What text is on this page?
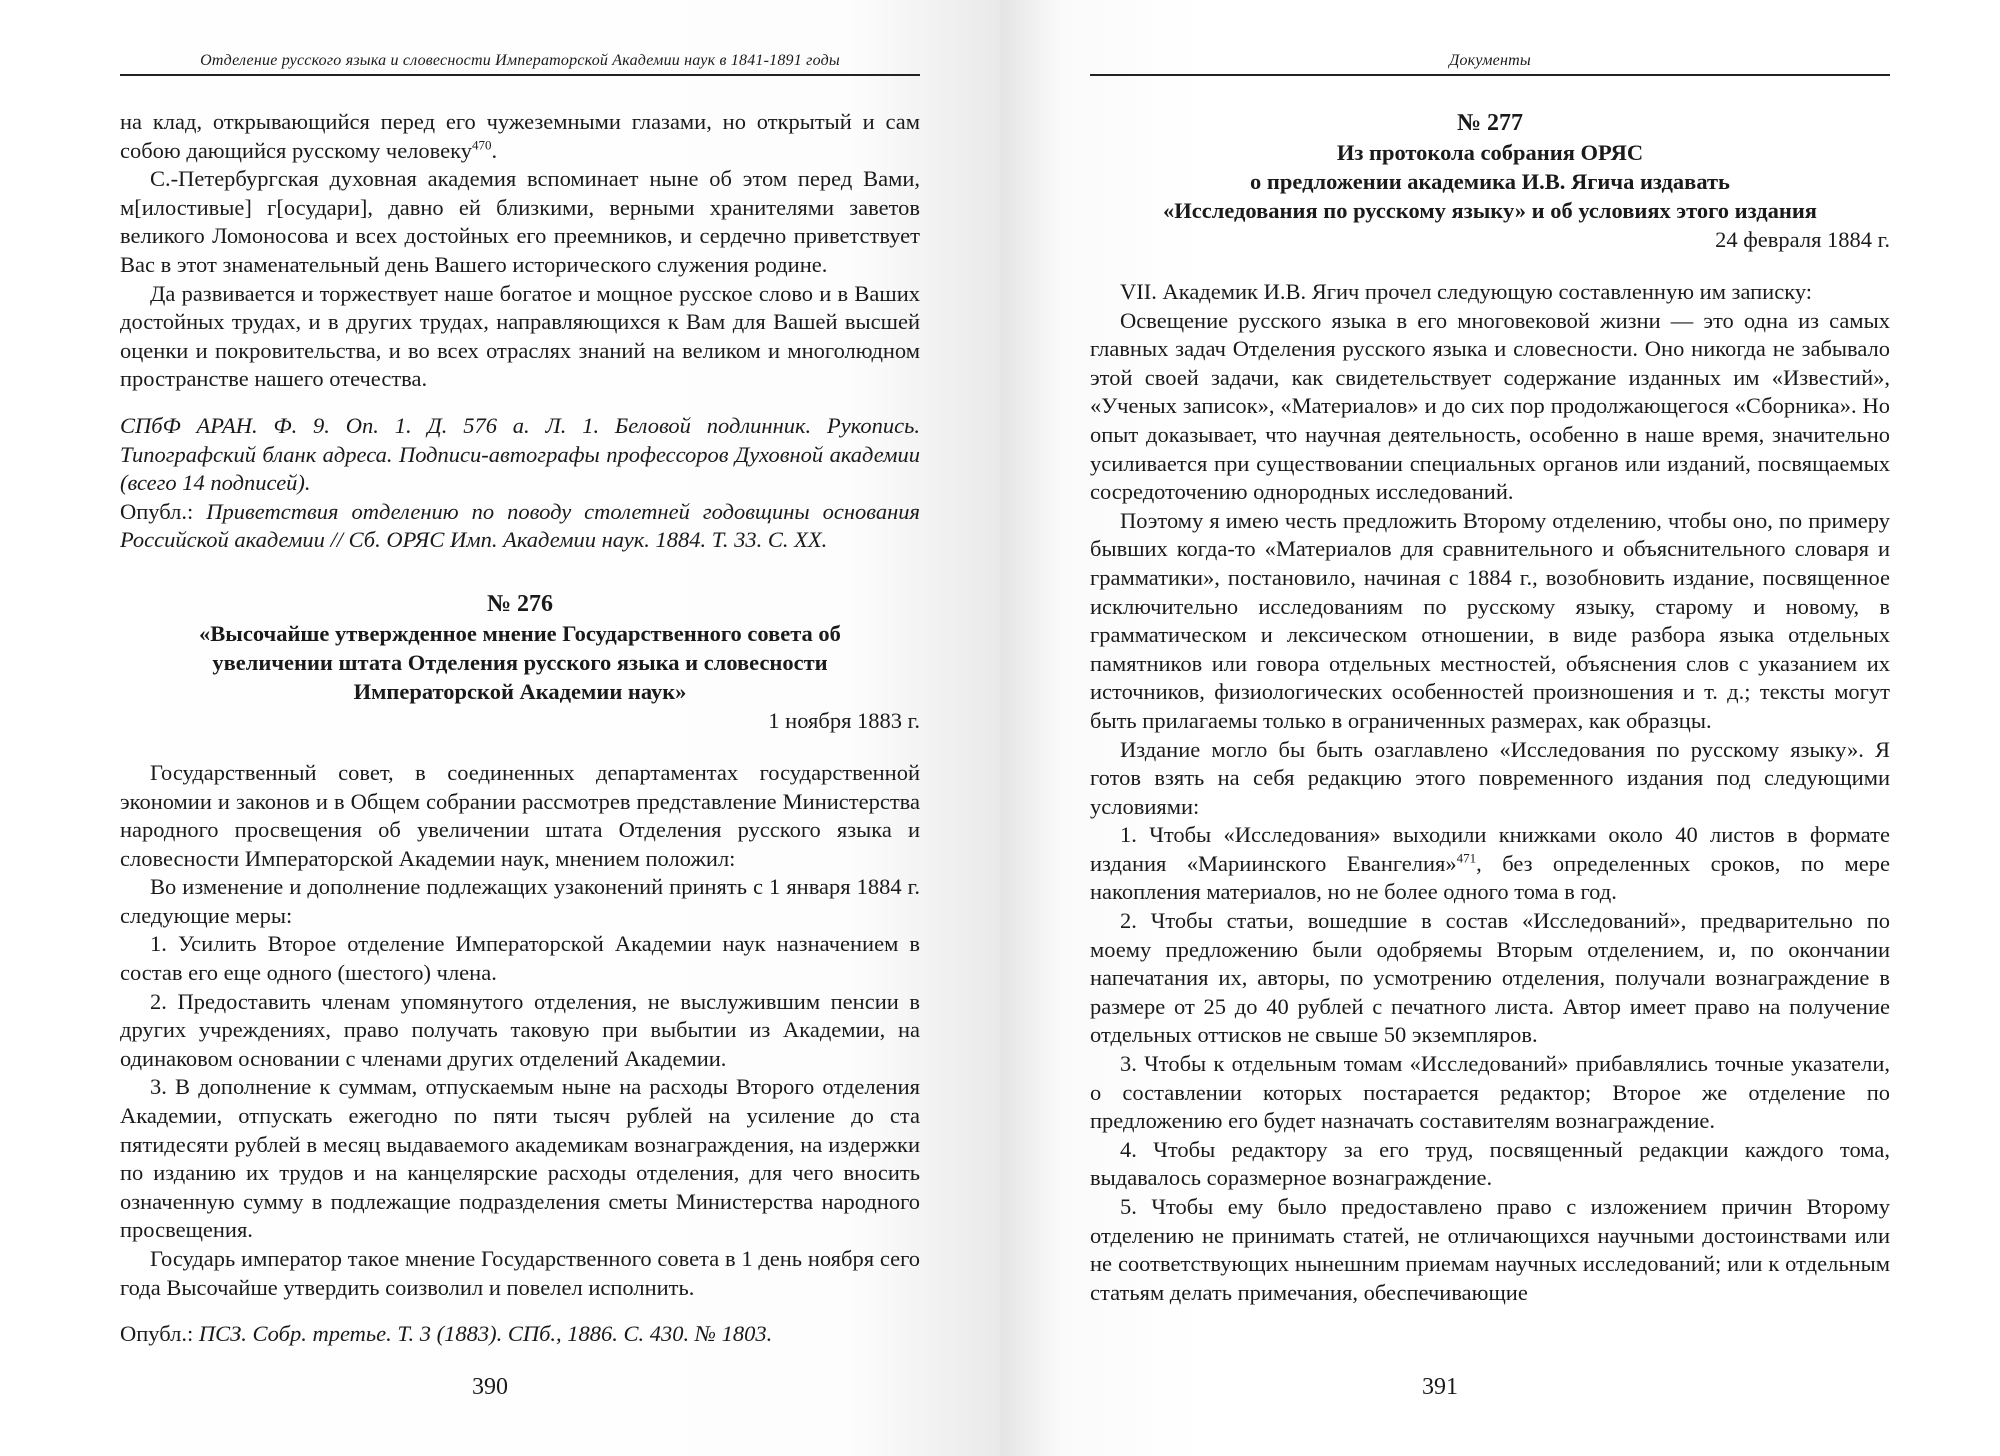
Отделение русского языка и словесности Императорской Академии наук в 1841-1891 годы

на клад, открывающийся перед его чужеземными глазами, но открытый и сам собою дающийся русскому человеку$^{470}$.

С.-Петербургская духовная академия вспоминает ныне об этом перед Вами, м[илостивые] г[осудари], давно ей близкими, верными хранителями заветов великого Ломоносова и всех достойных его преемников, и сердечно приветствует Вас в этот знаменательный день Вашего исторического служения родине.

Да развивается и торжествует наше богатое и мощное русское слово и в Ваших достойных трудах, и в других трудах, направляющихся к Вам для Вашей высшей оценки и покровительства, и во всех отраслях знаний на великом и многолюдном пространстве нашего отечества.

СПбФ АРАН. Ф. 9. Оп. 1. Д. 576 а. Л. 1. Беловой подлинник. Рукопись. Типографский бланк адреса. Подписи-автографы профессоров Духовной академии (всего 14 подписей).

Опубл.: Приветствия отделению по поводу столетней годовщины основания Российской академии // Сб. ОРЯС Имп. Академии наук. 1884. Т. 33. С. XX.

№ 276
«Высочайше утвержденное мнение Государственного совета об увеличении штата Отделения русского языка и словесности Императорской Академии наук»
1 ноября 1883 г.

Государственный совет, в соединенных департаментах государственной экономии и законов и в Общем собрании рассмотрев представление Министерства народного просвещения об увеличении штата Отделения русского языка и словесности Императорской Академии наук, мнением положил:

Во изменение и дополнение подлежащих узаконений принять с 1 января 1884 г. следующие меры:

1. Усилить Второе отделение Императорской Академии наук назначением в состав его еще одного (шестого) члена.

2. Предоставить членам упомянутого отделения, не выслужившим пенсии в других учреждениях, право получать таковую при выбытии из Академии, на одинаковом основании с членами других отделений Академии.

3. В дополнение к суммам, отпускаемым ныне на расходы Второго отделения Академии, отпускать ежегодно по пяти тысяч рублей на усиление до ста пятидесяти рублей в месяц выдаваемого академикам вознаграждения, на издержки по изданию их трудов и на канцелярские расходы отделения, для чего вносить означенную сумму в подлежащие подразделения сметы Министерства народного просвещения.

Государь император такое мнение Государственного совета в 1 день ноября сего года Высочайше утвердить соизволил и повелел исполнить.

Опубл.: ПСЗ. Собр. третье. Т. 3 (1883). СПб., 1886. С. 430. № 1803.

390
Документы
№ 277
Из протокола собрания ОРЯС
о предложении академика И.В. Ягича издавать
«Исследования по русскому языку» и об условиях этого издания
24 февраля 1884 г.

VII. Академик И.В. Ягич прочел следующую составленную им записку:

Освещение русского языка в его многовековой жизни — это одна из самых главных задач Отделения русского языка и словесности. Оно никогда не забывало этой своей задачи, как свидетельствует содержание изданных им «Известий», «Ученых записок», «Материалов» и до сих пор продолжающегося «Сборника». Но опыт доказывает, что научная деятельность, особенно в наше время, значительно усиливается при существовании специальных органов или изданий, посвящаемых сосредоточению однородных исследований.

Поэтому я имею честь предложить Второму отделению, чтобы оно, по примеру бывших когда-то «Материалов для сравнительного и объяснительного словаря и грамматики», постановило, начиная с 1884 г., возобновить издание, посвященное исключительно исследованиям по русскому языку, старому и новому, в грамматическом и лексическом отношении, в виде разбора языка отдельных памятников или говора отдельных местностей, объяснения слов с указанием их источников, физиологических особенностей произношения и т. д.; тексты могут быть прилагаемы только в ограниченных размерах, как образцы.

Издание могло бы быть озаглавлено «Исследования по русскому языку». Я готов взять на себя редакцию этого повременного издания под следующими условиями:

1. Чтобы «Исследования» выходили книжками около 40 листов в формате издания «Мариинского Евангелия»$^{471}$, без определенных сроков, по мере накопления материалов, но не более одного тома в год.

2. Чтобы статьи, вошедшие в состав «Исследований», предварительно по моему предложению были одобряемы Вторым отделением, и, по окончании напечатания их, авторы, по усмотрению отделения, получали вознаграждение в размере от 25 до 40 рублей с печатного листа. Автор имеет право на получение отдельных оттисков не свыше 50 экземпляров.

3. Чтобы к отдельным томам «Исследований» прибавлялись точные указатели, о составлении которых постарается редактор; Второе же отделение по предложению его будет назначать составителям вознаграждение.

4. Чтобы редактору за его труд, посвященный редакции каждого тома, выдавалось соразмерное вознаграждение.

5. Чтобы ему было предоставлено право с изложением причин Второму отделению не принимать статей, не отличающихся научными достоинствами или не соответствующих нынешним приемам научных исследований; или к отдельным статьям делать примечания, обеспечивающие

391
